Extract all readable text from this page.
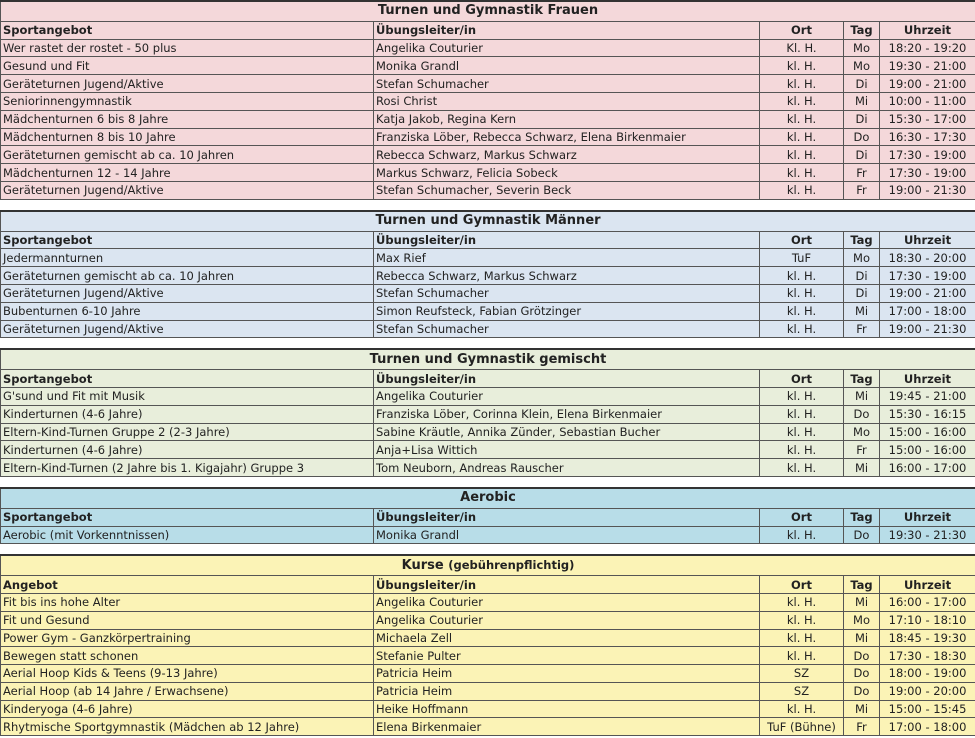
Turnen und Gymnastik Frauen				
Sportangebot	Übungsleiter/in	Ort	Tag	Uhrzeit
Wer rastet der rostet - 50 plus	Angelika Couturier	Kl. H.	Mo	18:20 - 19:20
Gesund und Fit	Monika Grandl	kl. H.	Mo	19:30 - 21:00
Geräteturnen Jugend/Aktive	Stefan Schumacher	kl. H.	Di	19:00 - 21:00
Seniorinnengymnastik	Rosi Christ	kl. H.	Mi	10:00 - 11:00
Mädchenturnen 6 bis 8 Jahre	Katja Jakob, Regina Kern	kl. H.	Di	15:30 - 17:00
Mädchenturnen 8 bis 10 Jahre	Franziska Löber, Rebecca Schwarz, Elena Birkenmaier	kl. H.	Do	16:30 - 17:30
Geräteturnen gemischt ab ca. 10 Jahren	Rebecca Schwarz, Markus Schwarz	kl. H.	Di	17:30 - 19:00
Mädchenturnen 12 - 14 Jahre	Markus Schwarz, Felicia Sobeck	kl. H.	Fr	17:30 - 19:00
Geräteturnen Jugend/Aktive	Stefan Schumacher, Severin Beck	kl. H.	Fr	19:00 - 21:30
Turnen und Gymnastik Männer				
Sportangebot	Übungsleiter/in	Ort	Tag	Uhrzeit
Jedermannturnen	Max Rief	TuF	Mo	18:30 - 20:00
Geräteturnen gemischt ab ca. 10 Jahren	Rebecca Schwarz, Markus Schwarz	kl. H.	Di	17:30 - 19:00
Geräteturnen Jugend/Aktive	Stefan Schumacher	kl. H.	Di	19:00 - 21:00
Bubenturnen 6-10 Jahre	Simon Reufsteck, Fabian Grötzinger	kl. H.	Mi	17:00 - 18:00
Geräteturnen Jugend/Aktive	Stefan Schumacher	kl. H.	Fr	19:00 - 21:30
Turnen und Gymnastik gemischt				
Sportangebot	Übungsleiter/in	Ort	Tag	Uhrzeit
G'sund und Fit mit Musik	Angelika Couturier	kl. H.	Mi	19:45 - 21:00
Kinderturnen (4-6 Jahre)	Franziska Löber, Corinna Klein, Elena Birkenmaier	kl. H.	Do	15:30 - 16:15
Eltern-Kind-Turnen Gruppe 2 (2-3 Jahre)	Sabine Kräutle, Annika Zünder, Sebastian Bucher	kl. H.	Mo	15:00 - 16:00
Kinderturnen (4-6 Jahre)	Anja+Lisa Wittich	kl. H.	Fr	15:00 - 16:00
Eltern-Kind-Turnen (2 Jahre bis 1. Kigajahr) Gruppe 3	Tom Neuborn, Andreas Rauscher	kl. H.	Mi	16:00 - 17:00
Aerobic				
Sportangebot	Übungsleiter/in	Ort	Tag	Uhrzeit
Aerobic (mit Vorkenntnissen)	Monika Grandl	kl. H.	Do	19:30 - 21:30
Kurse (gebührenpflichtig)				
Angebot	Übungsleiter/in	Ort	Tag	Uhrzeit
Fit bis ins hohe Alter	Angelika Couturier	kl. H.	Mi	16:00 - 17:00
Fit und Gesund	Angelika Couturier	kl. H.	Mo	17:10 - 18:10
Power Gym - Ganzkörpertraining	Michaela Zell	kl. H.	Mi	18:45 - 19:30
Bewegen statt schonen	Stefanie Pulter	kl. H.	Do	17:30 - 18:30
Aerial Hoop Kids & Teens (9-13 Jahre)	Patricia Heim	SZ	Do	18:00 - 19:00
Aerial Hoop (ab 14 Jahre / Erwachsene)	Patricia Heim	SZ	Do	19:00 - 20:00
Kinderyoga (4-6 Jahre)	Heike Hoffmann	kl. H.	Mi	15:00 - 15:45
Rhytmische Sportgymnastik (Mädchen ab 12 Jahre)	Elena Birkenmaier	TuF (Bühne)	Fr	17:00 - 18:00
